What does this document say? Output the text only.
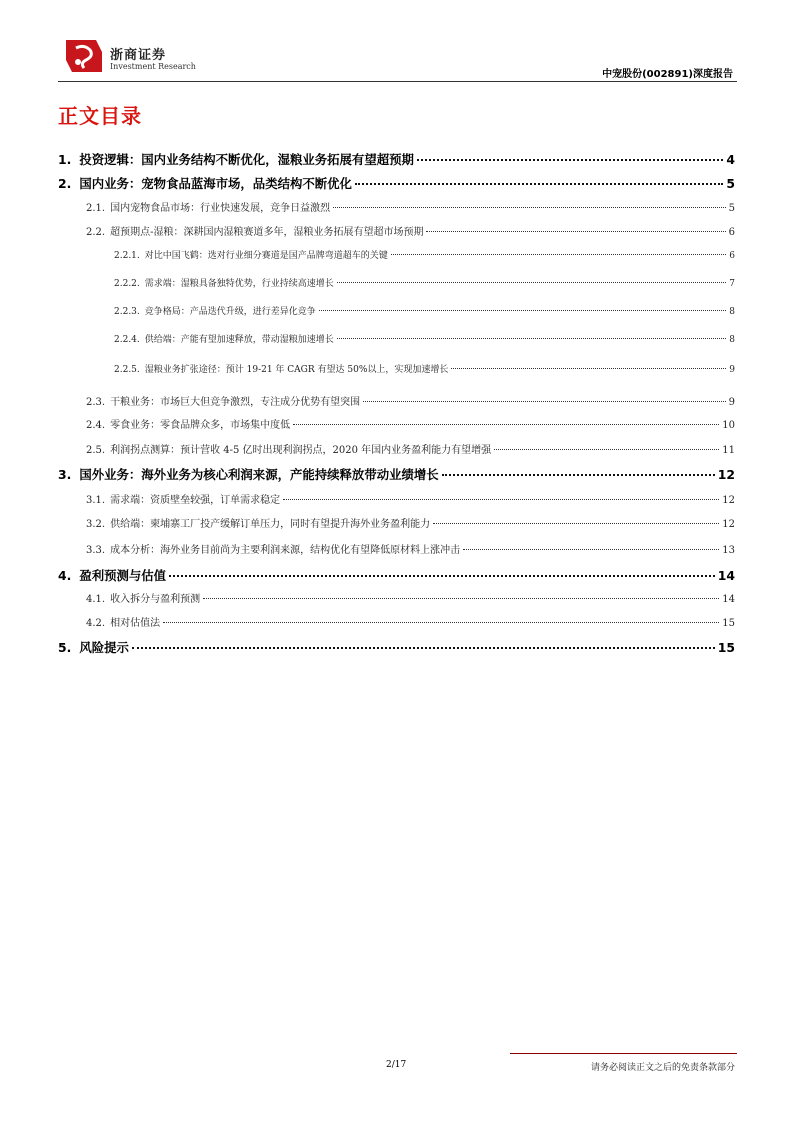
浙商证券
Investment Research
中宠股份(002891)深度报告
正文目录
1. 投资逻辑：国内业务结构不断优化，湿粮业务拓展有望超预期	4
2. 国内业务：宠物食品蓝海市场，品类结构不断优化	5
2.1. 国内宠物食品市场：行业快速发展，竞争日益激烈	5
2.2. 超预期点-湿粮：深耕国内湿粮赛道多年，湿粮业务拓展有望超市场预期	6
2.2.1. 对比中国飞鹤：选对行业细分赛道是国产品牌弯道超车的关键	6
2.2.2. 需求端：湿粮具备独特优势，行业持续高速增长	7
2.2.3. 竞争格局：产品迭代升级，进行差异化竞争	8
2.2.4. 供给端：产能有望加速释放，带动湿粮加速增长	8
2.2.5. 湿粮业务扩张途径：预计 19-21 年 CAGR 有望达 50%以上，实现加速增长	9
2.3. 干粮业务：市场巨大但竞争激烈，专注成分优势有望突围	9
2.4. 零食业务：零食品牌众多，市场集中度低	10
2.5. 利润拐点测算：预计营收 4-5 亿时出现利润拐点，2020 年国内业务盈利能力有望增强	11
3. 国外业务：海外业务为核心利润来源，产能持续释放带动业绩增长	12
3.1. 需求端：资质壁垒较强，订单需求稳定	12
3.2. 供给端：柬埔寨工厂投产缓解订单压力，同时有望提升海外业务盈利能力	12
3.3. 成本分析：海外业务目前尚为主要利润来源，结构优化有望降低原材料上涨冲击	13
4. 盈利预测与估值	14
4.1. 收入拆分与盈利预测	14
4.2. 相对估值法	15
5. 风险提示	15
2/17	请务必阅读正文之后的免责条款部分
